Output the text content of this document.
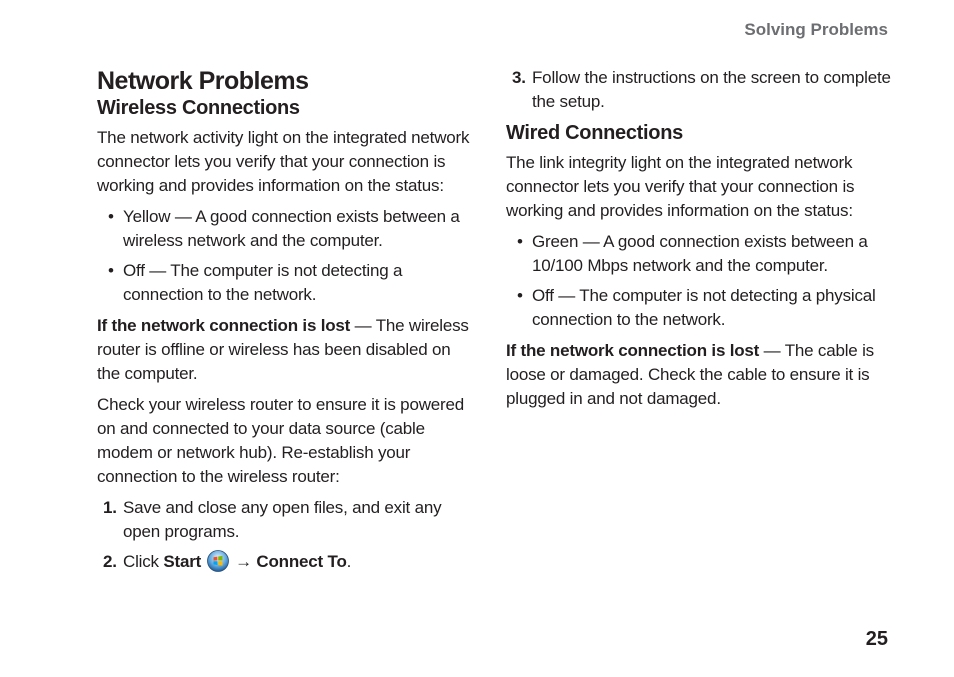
Solving Problems
Network Problems
Wireless Connections

The network activity light on the integrated network connector lets you verify that your connection is working and provides information on the status:

• Yellow — A good connection exists between a wireless network and the computer.
• Off — The computer is not detecting a connection to the network.

If the network connection is lost — The wireless router is offline or wireless has been disabled on the computer.

Check your wireless router to ensure it is powered on and connected to your data source (cable modem or network hub). Re-establish your connection to the wireless router:

1. Save and close any open files, and exit any open programs.
2. Click Start → Connect To.
3. Follow the instructions on the screen to complete the setup.
Wired Connections

The link integrity light on the integrated network connector lets you verify that your connection is working and provides information on the status:

• Green — A good connection exists between a 10/100 Mbps network and the computer.
• Off — The computer is not detecting a physical connection to the network.

If the network connection is lost — The cable is loose or damaged. Check the cable to ensure it is plugged in and not damaged.

25
